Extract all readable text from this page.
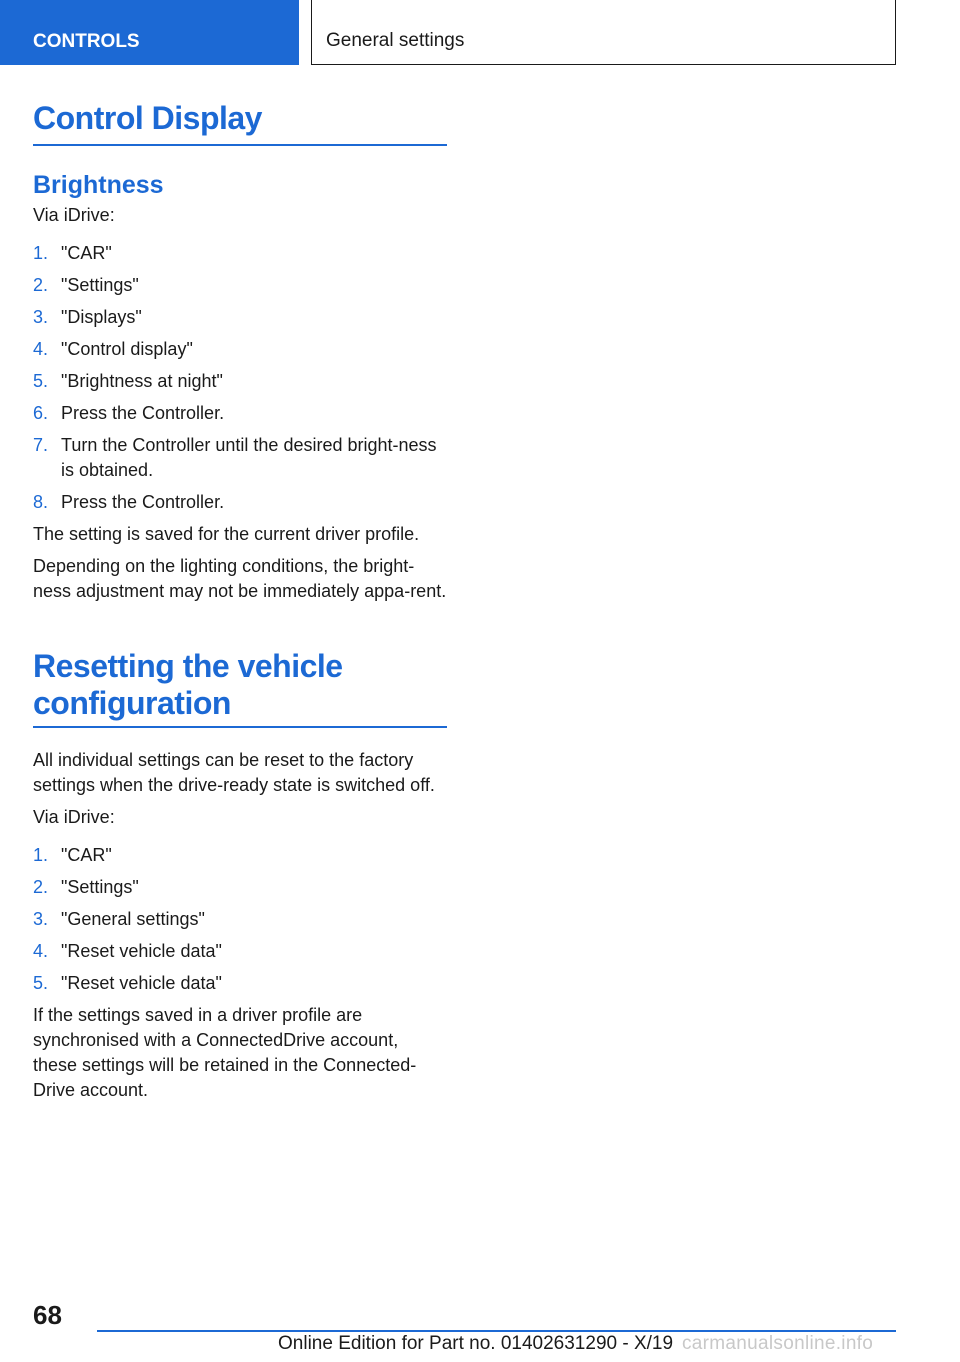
CONTROLS	General settings
Control Display
Brightness

Via iDrive:

1. "CAR"
2. "Settings"
3. "Displays"
4. "Control display"
5. "Brightness at night"
6. Press the Controller.
7. Turn the Controller until the desired bright‐ness is obtained.
8. Press the Controller.

The setting is saved for the current driver profile.

Depending on the lighting conditions, the bright‐ness adjustment may not be immediately appa‐rent.

Resetting the vehicle configuration

All individual settings can be reset to the factory settings when the drive-ready state is switched off.

Via iDrive:

1. "CAR"
2. "Settings"
3. "General settings"
4. "Reset vehicle data"
5. "Reset vehicle data"

If the settings saved in a driver profile are synchronised with a ConnectedDrive account, these settings will be retained in the Connected‐Drive account.

68
Online Edition for Part no. 01402631290 - X/19 carmanualsonline.info
